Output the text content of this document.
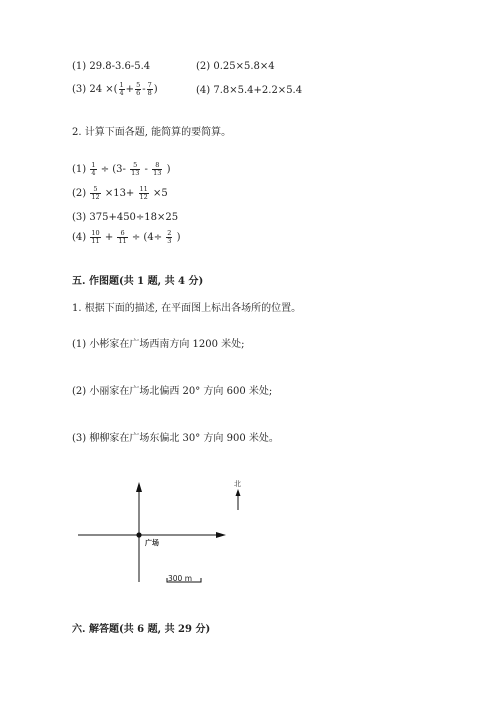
(1) 29.8-3.6-5.4	(2) 0.25×5.8×4
(3) 24 ×( $\frac{1}{4} + \frac{5}{6} - \frac{7}{8}$ )	(4) 7.8×5.4+2.2×5.4
2. 计算下面各题, 能简算的要简算。
$(1) \frac{1}{4} \div (3- \frac{5}{13} - \frac{8}{13}$ )
$(2) \frac{5}{12} \times 13+ \frac{11}{12} \times 5$
(3) 375+450÷18×25
$(4) \frac{10}{11} + \frac{6}{11} \div (4\div \frac{2}{3}$ )
五. 作图题(共 1 题, 共 4 分)
1. 根据下面的描述, 在平面图上标出各场所的位置。
(1) 小彬家在广场西南方向 1200 米处;
(2) 小丽家在广场北偏西 20° 方向 600 米处;
(3) 柳柳家在广场东偏北 30° 方向 900 米处。
北
广场
300 m
六. 解答题(共 6 题, 共 29 分)
